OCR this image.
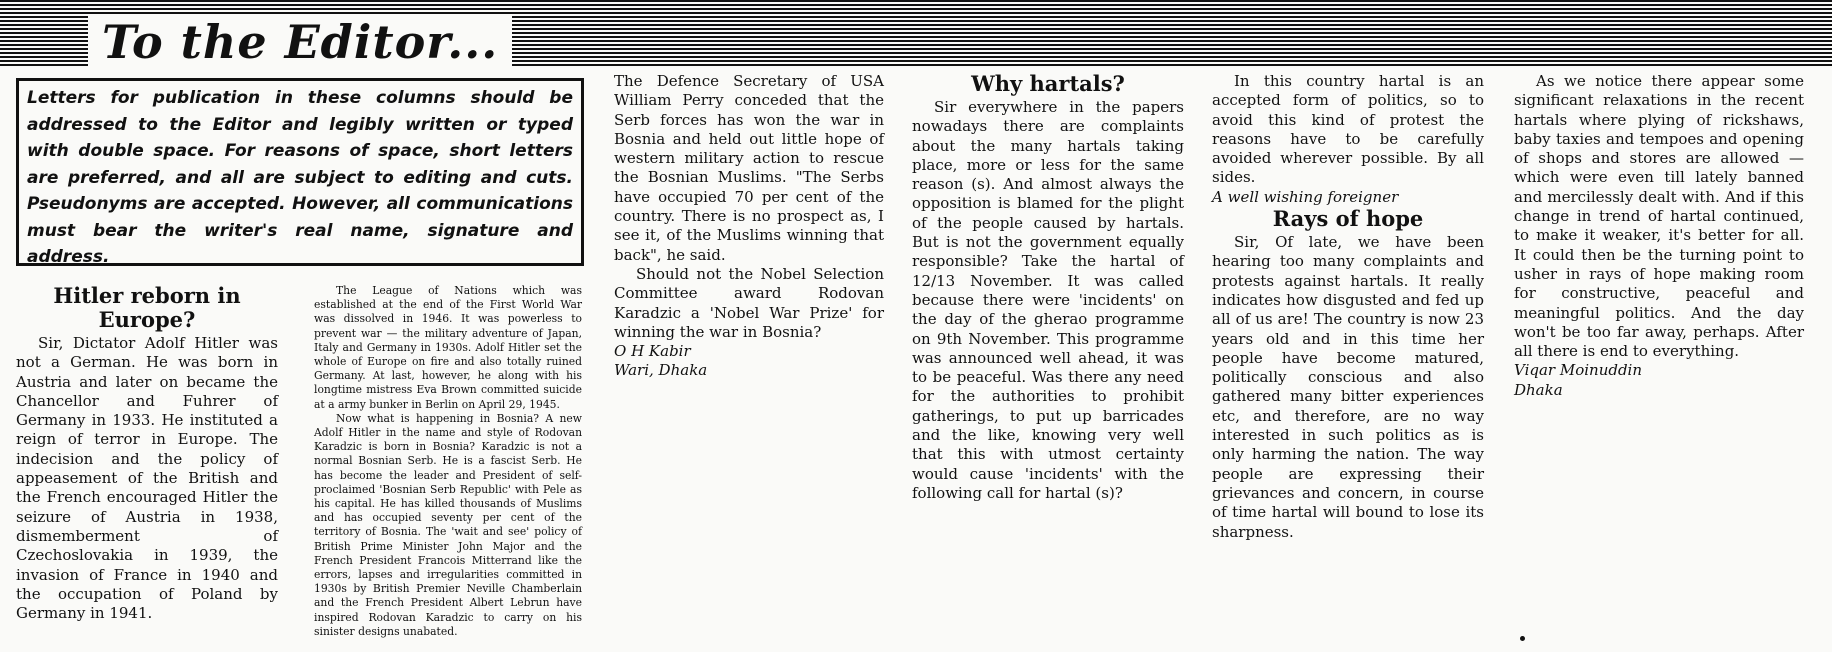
To the Editor...
Letters for publication in these columns should be addressed to the Editor and legibly written or typed with double space. For reasons of space, short letters are preferred, and all are subject to editing and cuts. Pseudonyms are accepted. However, all communications must bear the writer's real name, signature and address.
Hitler reborn in Europe?

Sir, Dictator Adolf Hitler was not a German. He was born in Austria and later on became the Chancellor and Fuhrer of Germany in 1933. He instituted a reign of terror in Europe. The indecision and the policy of appeasement of the British and the French encouraged Hitler the seizure of Austria in 1938, dismemberment of Czechoslovakia in 1939, the invasion of France in 1940 and the occupation of Poland by Germany in 1941.

The League of Nations which was established at the end of the First World War was dissolved in 1946. It was powerless to prevent war — the military adventure of Japan, Italy and Germany in 1930s. Adolf Hitler set the whole of Europe on fire and also totally ruined Germany. At last, however, he along with his longtime mistress Eva Brown committed suicide at a army bunker in Berlin on April 29, 1945.

Now what is happening in Bosnia? A new Adolf Hitler in the name and style of Rodovan Karadzic is born in Bosnia? Karadzic is not a normal Bosnian Serb. He is a fascist Serb. He has become the leader and President of self-proclaimed 'Bosnian Serb Republic' with Pele as his capital. He has killed thousands of Muslims and has occupied seventy per cent of the territory of Bosnia. The 'wait and see' policy of British Prime Minister John Major and the French President Francois Mitterrand like the errors, lapses and irregularities committed in 1930s by British Premier Neville Chamberlain and the French President Albert Lebrun have inspired Rodovan Karadzic to carry on his sinister designs unabated.

The Defence Secretary of USA William Perry conceded that the Serb forces has won the war in Bosnia and held out little hope of western military action to rescue the Bosnian Muslims. "The Serbs have occupied 70 per cent of the country. There is no prospect as, I see it, of the Muslims winning that back", he said.

Should not the Nobel Selection Committee award Rodovan Karadzic a 'Nobel War Prize' for winning the war in Bosnia?

O H Kabir

Wari, Dhaka

Why hartals?

Sir everywhere in the papers nowadays there are complaints about the many hartals taking place, more or less for the same reason (s). And almost always the opposition is blamed for the plight of the people caused by hartals. But is not the government equally responsible? Take the hartal of 12/13 November. It was called because there were 'incidents' on the day of the gherao programme on 9th November. This programme was announced well ahead, it was to be peaceful. Was there any need for the authorities to prohibit gatherings, to put up barricades and the like, knowing very well that this with utmost certainty would cause 'incidents' with the following call for hartal (s)?

In this country hartal is an accepted form of politics, so to avoid this kind of protest the reasons have to be carefully avoided wherever possible. By all sides.

A well wishing foreigner

Rays of hope

Sir, Of late, we have been hearing too many complaints and protests against hartals. It really indicates how disgusted and fed up all of us are! The country is now 23 years old and in this time her people have become matured, politically conscious and also gathered many bitter experiences etc, and therefore, are no way interested in such politics as is only harming the nation. The way people are expressing their grievances and concern, in course of time hartal will bound to lose its sharpness.

As we notice there appear some significant relaxations in the recent hartals where plying of rickshaws, baby taxies and tempoes and opening of shops and stores are allowed — which were even till lately banned and mercilessly dealt with. And if this change in trend of hartal continued, to make it weaker, it's better for all. It could then be the turning point to usher in rays of hope making room for constructive, peaceful and meaningful politics. And the day won't be too far away, perhaps. After all there is end to everything.

Viqar Moinuddin

Dhaka
